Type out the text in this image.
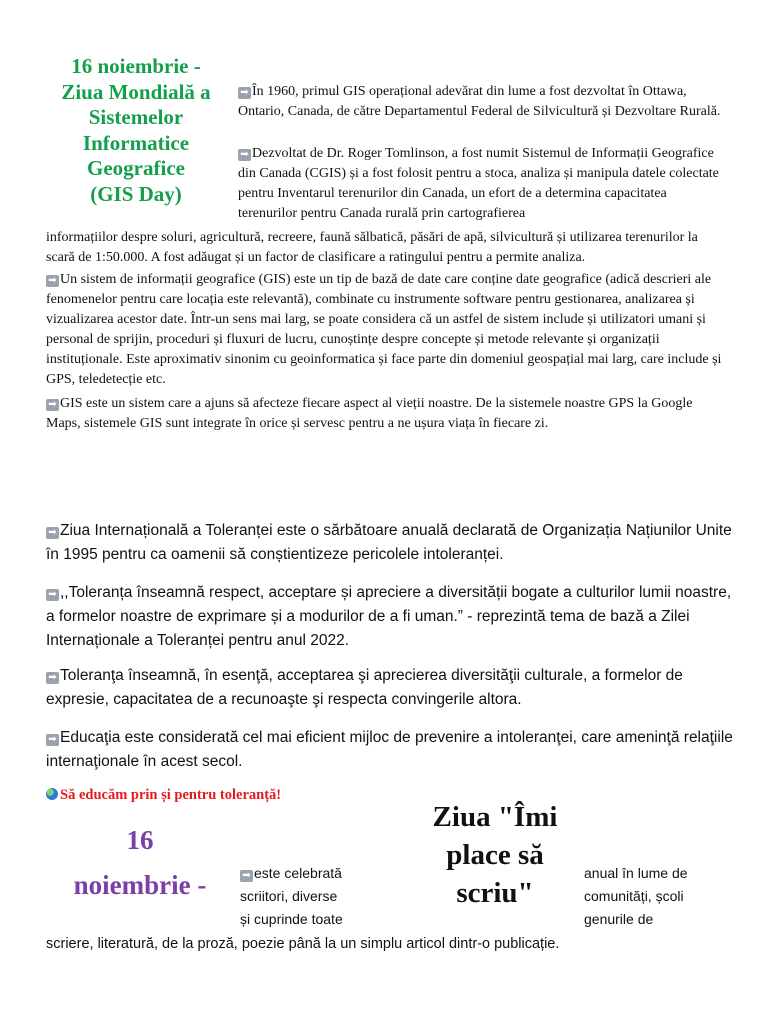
16 noiembrie -
Ziua Mondială a
Sistemelor
Informatice
Geografice
(GIS Day)

➡ În 1960, primul GIS operațional adevărat din lume a fost dezvoltat în Ottawa, Ontario, Canada, de către Departamentul Federal de Silvicultură și Dezvoltare Rurală.

➡ Dezvoltat de Dr. Roger Tomlinson, a fost numit Sistemul de Informații Geografice din Canada (CGIS) și a fost folosit pentru a stoca, analiza și manipula datele colectate pentru Inventarul terenurilor din Canada, un efort de a determina capacitatea terenurilor pentru Canada rurală prin cartografierea

informațiilor despre soluri, agricultură, recreere, faună sălbatică, păsări de apă, silvicultură și utilizarea terenurilor la scară de 1:50.000. A fost adăugat și un factor de clasificare a ratingului pentru a permite analiza.

➡ Un sistem de informații geografice (GIS) este un tip de bază de date care conține date geografice (adică descrieri ale fenomenelor pentru care locația este relevantă), combinate cu instrumente software pentru gestionarea, analizarea și vizualizarea acestor date. Într-un sens mai larg, se poate considera că un astfel de sistem include și utilizatori umani și personal de sprijin, proceduri și fluxuri de lucru, cunoștințe despre concepte și metode relevante și organizații instituționale. Este aproximativ sinonim cu geoinformatica și face parte din domeniul geospațial mai larg, care include și GPS, teledetecție etc.

➡ GIS este un sistem care a ajuns să afecteze fiecare aspect al vieții noastre. De la sistemele noastre GPS la Google Maps, sistemele GIS sunt integrate în orice și servesc pentru a ne ușura viața în fiecare zi.

➡ Ziua Internațională a Toleranței este o sărbătoare anuală declarată de Organizația Națiunilor Unite în 1995 pentru ca oamenii să conștientizeze pericolele intoleranței.

➡ ,,Toleranța înseamnă respect, acceptare și apreciere a diversității bogate a culturilor lumii noastre, a formelor noastre de exprimare și a modurilor de a fi uman.” - reprezintă tema de bază a Zilei Internaționale a Toleranței pentru anul 2022.

➡ Toleranţa înseamnă, în esenţă, acceptarea şi aprecierea diversităţii culturale, a formelor de expresie, capacitatea de a recunoaşte şi respecta convingerile altora.

➡ Educaţia este considerată cel mai eficient mijloc de prevenire a intoleranţei, care ameninţă relaţiile internaţionale în acest secol.

Să educăm prin și pentru toleranță!
16
noiembrie -
Ziua "Îmi
place să
scriu"
➡ este celebrată
scriitori, diverse
și cuprinde toate
anual în lume de
comunități, școli
genurile de
scriere, literatură, de la proză, poezie până la un simplu articol dintr-o publicație.
